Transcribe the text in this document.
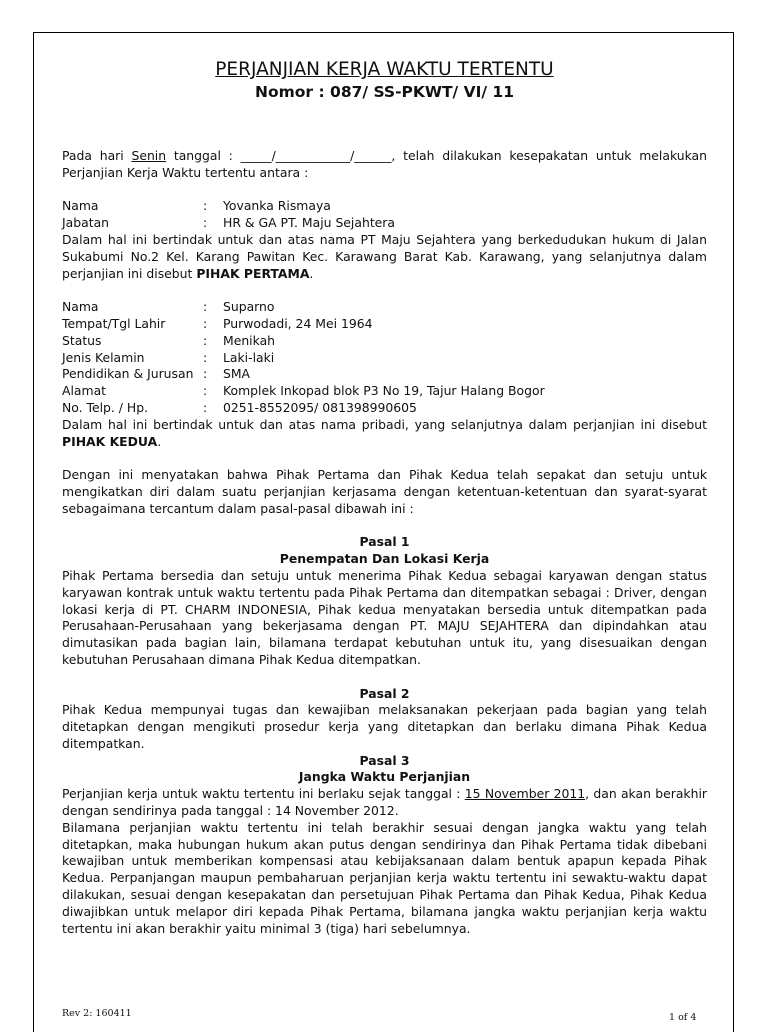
PERJANJIAN KERJA WAKTU TERTENTU
Nomor : 087/ SS-PKWT/ VI/ 11

Pada hari Senin tanggal : _____/____________/______, telah dilakukan kesepakatan untuk melakukan Perjanjian Kerja Waktu tertentu antara :

Nama	:	Yovanka Rismaya
Jabatan	:	HR & GA PT. Maju Sejahtera

Dalam hal ini bertindak untuk dan atas nama PT Maju Sejahtera yang berkedudukan hukum di Jalan Sukabumi No.2 Kel. Karang Pawitan Kec. Karawang Barat Kab. Karawang, yang selanjutnya dalam perjanjian ini disebut PIHAK PERTAMA.

Nama	:	Suparno
Tempat/Tgl Lahir	:	Purwodadi, 24 Mei 1964
Status	:	Menikah
Jenis Kelamin	:	Laki-laki
Pendidikan & Jurusan :	SMA
Alamat	:	Komplek Inkopad blok P3 No 19, Tajur Halang Bogor
No. Telp. / Hp.	:	0251-8552095/ 081398990605

Dalam hal ini bertindak untuk dan atas nama pribadi, yang selanjutnya dalam perjanjian ini disebut PIHAK KEDUA.

Dengan ini menyatakan bahwa Pihak Pertama dan Pihak Kedua telah sepakat dan setuju untuk mengikatkan diri dalam suatu perjanjian kerjasama dengan ketentuan-ketentuan dan syarat-syarat sebagaimana tercantum dalam pasal-pasal dibawah ini :

Pasal 1
Penempatan Dan Lokasi Kerja

Pihak Pertama bersedia dan setuju untuk menerima Pihak Kedua sebagai karyawan dengan status karyawan kontrak untuk waktu tertentu pada Pihak Pertama dan ditempatkan sebagai : Driver, dengan lokasi kerja di PT. CHARM INDONESIA, Pihak kedua menyatakan bersedia untuk ditempatkan pada Perusahaan-Perusahaan yang bekerjasama dengan PT. MAJU SEJAHTERA dan dipindahkan atau dimutasikan pada bagian lain, bilamana terdapat kebutuhan untuk itu, yang disesuaikan dengan kebutuhan Perusahaan dimana Pihak Kedua ditempatkan.

Pasal 2

Pihak Kedua mempunyai tugas dan kewajiban melaksanakan pekerjaan pada bagian yang telah ditetapkan dengan mengikuti prosedur kerja yang ditetapkan dan berlaku dimana Pihak Kedua ditempatkan.

Pasal 3
Jangka Waktu Perjanjian

Perjanjian kerja untuk waktu tertentu ini berlaku sejak tanggal : 15 November 2011, dan akan berakhir dengan sendirinya pada tanggal : 14 November 2012.

Bilamana perjanjian waktu tertentu ini telah berakhir sesuai dengan jangka waktu yang telah ditetapkan, maka hubungan hukum akan putus dengan sendirinya dan Pihak Pertama tidak dibebani kewajiban untuk memberikan kompensasi atau kebijaksanaan dalam bentuk apapun kepada Pihak Kedua. Perpanjangan maupun pembaharuan perjanjian kerja waktu tertentu ini sewaktu-waktu dapat dilakukan, sesuai dengan kesepakatan dan persetujuan Pihak Pertama dan Pihak Kedua, Pihak Kedua diwajibkan untuk melapor diri kepada Pihak Pertama, bilamana jangka waktu perjanjian kerja waktu tertentu ini akan berakhir yaitu minimal 3 (tiga) hari sebelumnya.

Rev 2: 160411	1 of 4
